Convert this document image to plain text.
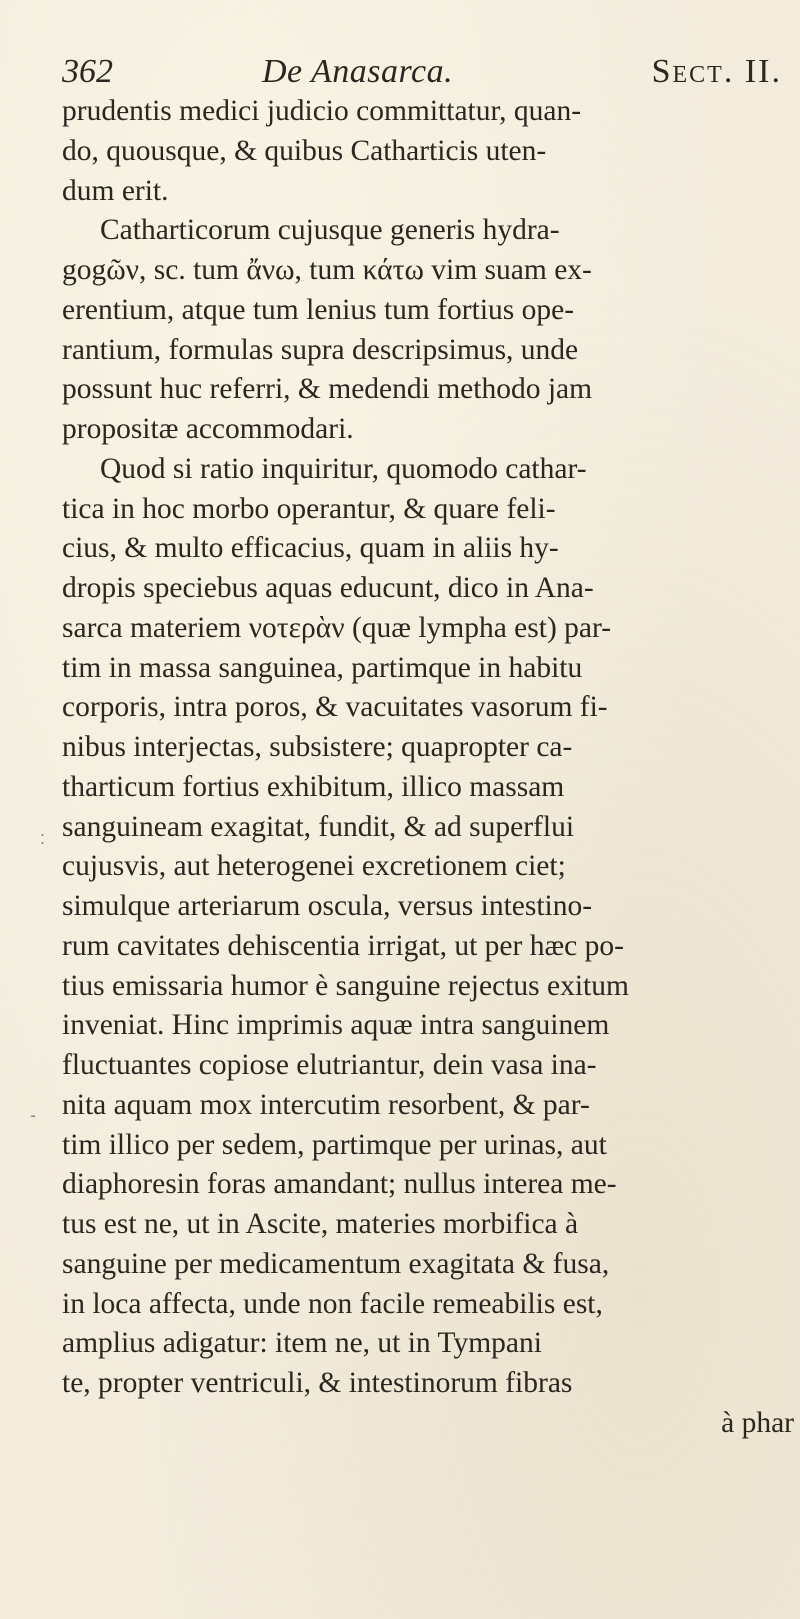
362	De Anasarca.	Sect. II.
prudentis medici judicio committatur, quan-
do, quousque, & quibus Catharticis uten-
dum erit.
Catharticorum cujusque generis hydra-
gogῶν, sc. tum ἄνω, tum κάτω vim suam ex-
erentium, atque tum lenius tum fortius ope-
rantium, formulas supra descripsimus, unde
possunt huc referri, & medendi methodo jam
propositæ accommodari.
Quod si ratio inquiritur, quomodo cathar-
tica in hoc morbo operantur, & quare feli-
cius, & multo efficacius, quam in aliis hy-
dropis speciebus aquas educunt, dico in Ana-
sarca materiem νοτερὰν (quæ lympha est) par-
tim in massa sanguinea, partimque in habitu
corporis, intra poros, & vacuitates vasorum fi-
nibus interjectas, subsistere; quapropter ca-
tharticum fortius exhibitum, illico massam
sanguineam exagitat, fundit, & ad superflui
cujusvis, aut heterogenei excretionem ciet;
simulque arteriarum oscula, versus intestino-
rum cavitates dehiscentia irrigat, ut per hæc po-
tius emissaria humor è sanguine rejectus exitum
inveniat. Hinc imprimis aquæ intra sanguinem
fluctuantes copiose elutriantur, dein vasa ina-
nita aquam mox intercutim resorbent, & par-
tim illico per sedem, partimque per urinas, aut
diaphoresin foras amandant; nullus interea me-
tus est ne, ut in Ascite, materies morbifica à
sanguine per medicamentum exagitata & fusa,
in loca affecta, unde non facile remeabilis est,
amplius adigatur: item ne, ut in Tympani
te, propter ventriculi, & intestinorum fibras
à phar
:
-
